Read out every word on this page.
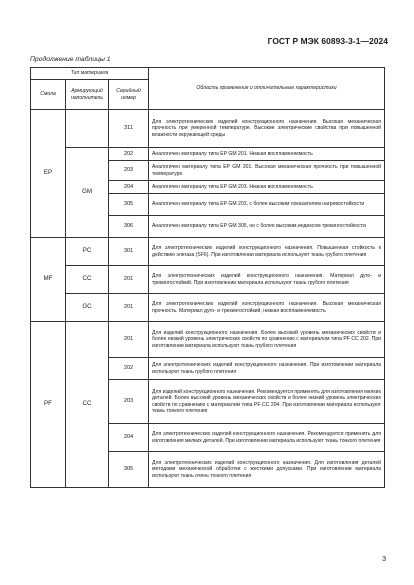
ГОСТ Р МЭК 60893-3-1—2024
Продолжение таблицы 1
Тип материала			Область применения и отличительные характеристики
Смола	Армирующий наполнитель	Серийный номер	
EP		311	Для электротехнических изделий конструкционного назначения. Высокая механическая прочность при умеренной температуре. Высокие электрические свойства при повышенной влажности окружающей среды
	GM	202	Аналогичен материалу типа EP GM 201. Низкая воспламеняемость
		203	Аналогичен материалу типа EP GM 201. Высокая механическая прочность при повышенной температуре
		204	Аналогичен материалу типа EP GM 203. Низкая воспламеняемость
		305	Аналогичен материалу типа EP GM 203, с более высоким показателем нагревостойкости
		306	Аналогичен материалу типа EP GM 305, но с более высоким индексом трекингостойкости
MF	PC	301	Для электротехнических изделий конструкционного назначения. Повышенная стойкость к действию элегаза (SF6). При изготовлении материала используют ткань грубого плетения
	CC	201	Для электротехнических изделий конструкционного назначения. Материал дуго- и трекингостойкий. При изготовлении материала используют ткань грубого плетения
	GC	201	Для электротехнических изделий конструкционного назначения. Высокая механическая прочность. Материал дуго- и трекингостойкий, низкая воспламеняемость
PF	CC	201	Для изделий конструкционного назначения. Более высокий уровень механических свойств и более низкий уровень электрических свойств по сравнению с материалом типа PF CC 202. При изготовлении материала используют ткань грубого плетения
		202	Для электротехнических изделий конструкционного назначения. При изготовлении материала используют ткань грубого плетения
		203	Для изделий конструкционного назначения. Рекомендуется применять для изготовления мелких деталей. Более высокий уровень механических свойств и более низкий уровень электрических свойств по сравнению с материалом типа PF CC 204. При изготовлении материала используют ткань тонкого плетения
		204	Для электротехнических изделий конструкционного назначения. Рекомендуется применять для изготовления мелких деталей. При изготовлении материала используют ткань тонкого плетения
		305	Для электротехнических изделий конструкционного назначения. Для изготовления деталей методами механической обработки с жесткими допусками. При изготовлении материала используют ткань очень тонкого плетения
3
